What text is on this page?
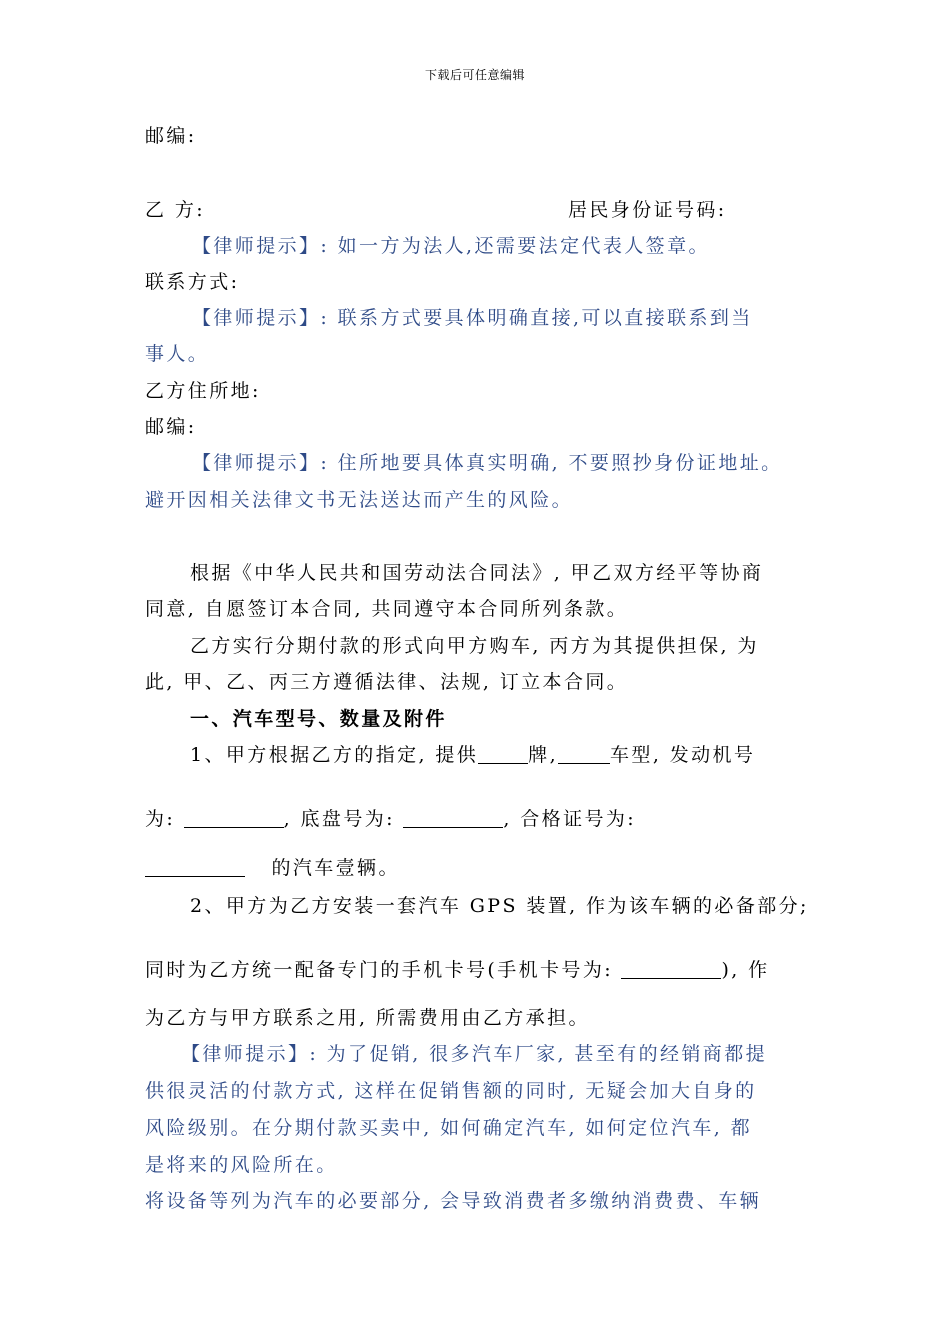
下载后可任意编辑
邮编:
乙 方:	居民身份证号码:
【律师提示】: 如一方为法人,还需要法定代表人签章。
联系方式:
【律师提示】: 联系方式要具体明确直接,可以直接联系到当
事人。
乙方住所地:
邮编:
【律师提示】: 住所地要具体真实明确, 不要照抄身份证地址。
避开因相关法律文书无法送达而产生的风险。
根据《中华人民共和国劳动法合同法》, 甲乙双方经平等协商
同意, 自愿签订本合同, 共同遵守本合同所列条款。
乙方实行分期付款的形式向甲方购车, 丙方为其提供担保, 为
此, 甲、乙、丙三方遵循法律、法规, 订立本合同。
一、汽车型号、数量及附件
1、甲方根据乙方的指定, 提供	牌,	车型, 发动机号
为:	, 底盘号为:	, 合格证号为:
的汽车壹辆。
2、甲方为乙方安装一套汽车 GPS 装置, 作为该车辆的必备部分;
同时为乙方统一配备专门的手机卡号(手机卡号为:	), 作
为乙方与甲方联系之用, 所需费用由乙方承担。
【律师提示】: 为了促销, 很多汽车厂家, 甚至有的经销商都提
供很灵活的付款方式, 这样在促销售额的同时, 无疑会加大自身的
风险级别。在分期付款买卖中, 如何确定汽车, 如何定位汽车, 都
是将来的风险所在。
将设备等列为汽车的必要部分, 会导致消费者多缴纳消费费、车辆
